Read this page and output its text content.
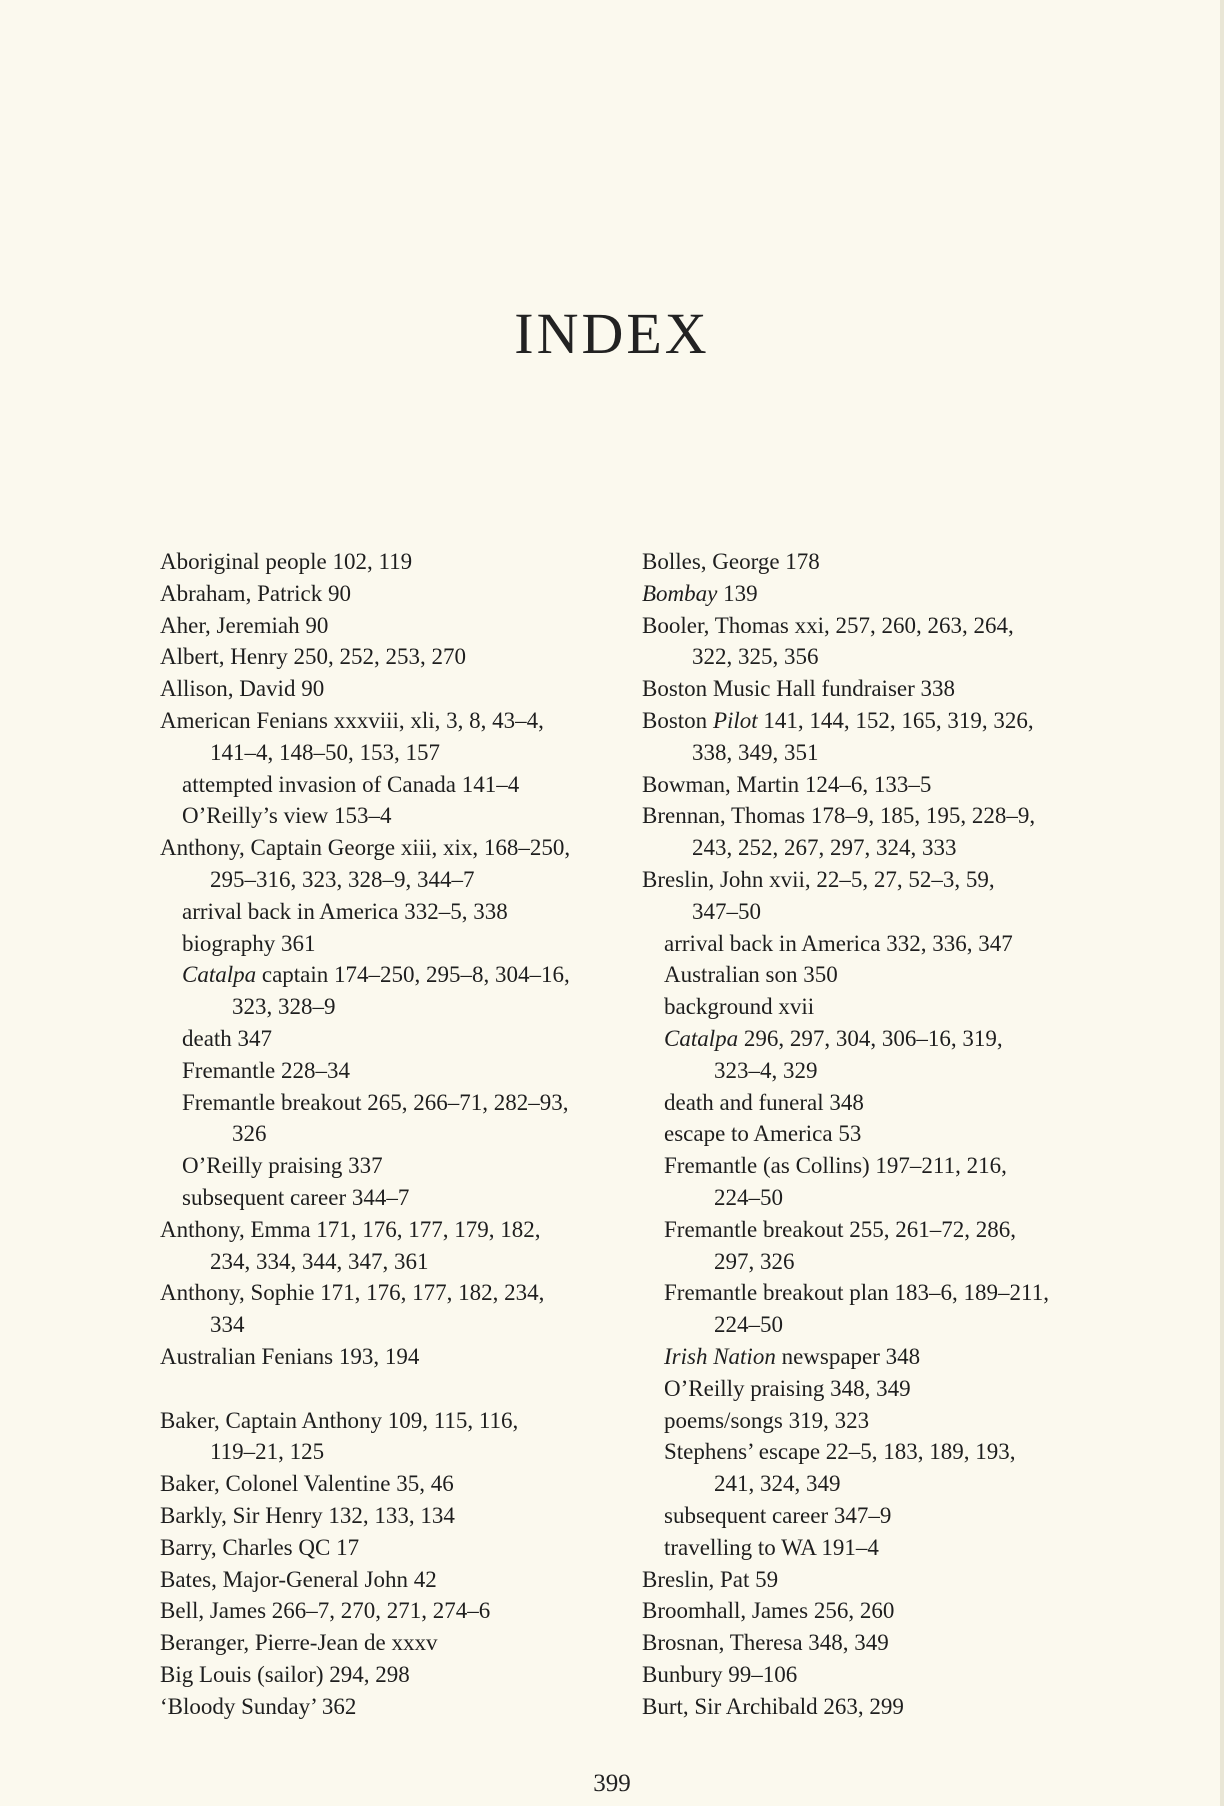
INDEX

Aboriginal people 102, 119

Abraham, Patrick 90

Aher, Jeremiah 90

Albert, Henry 250, 252, 253, 270

Allison, David 90

American Fenians xxxviii, xli, 3, 8, 43–4,
141–4, 148–50, 153, 157

attempted invasion of Canada 141–4

O’Reilly’s view 153–4

Anthony, Captain George xiii, xix, 168–250,
295–316, 323, 328–9, 344–7

arrival back in America 332–5, 338

biography 361

Catalpa captain 174–250, 295–8, 304–16,
323, 328–9

death 347

Fremantle 228–34

Fremantle breakout 265, 266–71, 282–93,
326

O’Reilly praising 337

subsequent career 344–7

Anthony, Emma 171, 176, 177, 179, 182,
234, 334, 344, 347, 361

Anthony, Sophie 171, 176, 177, 182, 234,
334

Australian Fenians 193, 194

Baker, Captain Anthony 109, 115, 116,
119–21, 125

Baker, Colonel Valentine 35, 46

Barkly, Sir Henry 132, 133, 134

Barry, Charles QC 17

Bates, Major-General John 42

Bell, James 266–7, 270, 271, 274–6

Beranger, Pierre-Jean de xxxv

Big Louis (sailor) 294, 298

‘Bloody Sunday’ 362

Bolles, George 178

Bombay 139

Booler, Thomas xxi, 257, 260, 263, 264,
322, 325, 356

Boston Music Hall fundraiser 338

Boston Pilot 141, 144, 152, 165, 319, 326,
338, 349, 351

Bowman, Martin 124–6, 133–5

Brennan, Thomas 178–9, 185, 195, 228–9,
243, 252, 267, 297, 324, 333

Breslin, John xvii, 22–5, 27, 52–3, 59,
347–50

arrival back in America 332, 336, 347

Australian son 350

background xvii

Catalpa 296, 297, 304, 306–16, 319,
323–4, 329

death and funeral 348

escape to America 53

Fremantle (as Collins) 197–211, 216,
224–50

Fremantle breakout 255, 261–72, 286,
297, 326

Fremantle breakout plan 183–6, 189–211,
224–50

Irish Nation newspaper 348

O’Reilly praising 348, 349

poems/songs 319, 323

Stephens’ escape 22–5, 183, 189, 193,
241, 324, 349

subsequent career 347–9

travelling to WA 191–4

Breslin, Pat 59

Broomhall, James 256, 260

Brosnan, Theresa 348, 349

Bunbury 99–106

Burt, Sir Archibald 263, 299

399
